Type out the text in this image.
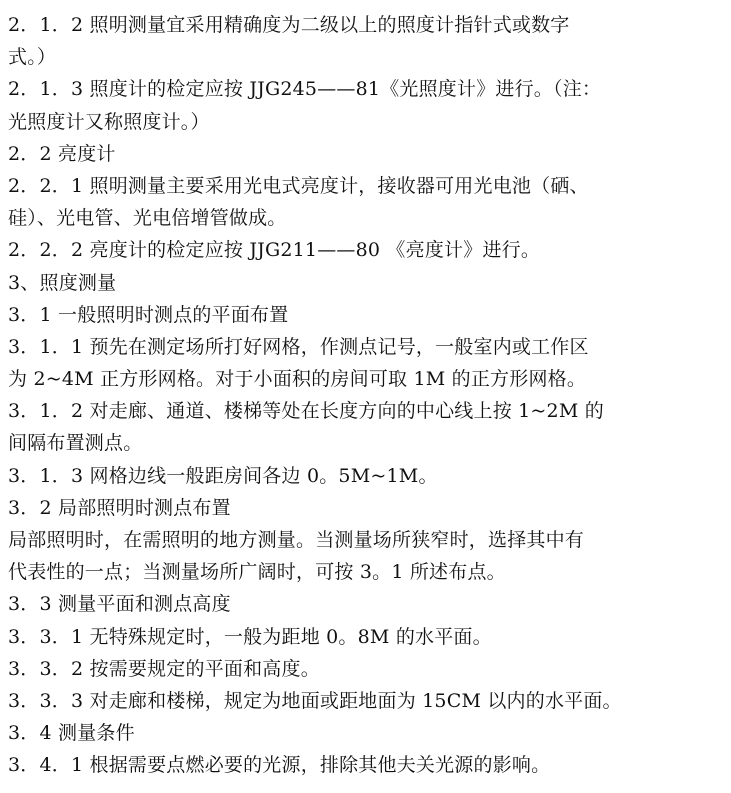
2．1．2 照明测量宜采用精确度为二级以上的照度计指针式或数字
式。）
2．1．3 照度计的检定应按 JJG245——81《光照度计》进行。（注：
光照度计又称照度计。）
2．2 亮度计
2．2．1 照明测量主要采用光电式亮度计，接收器可用光电池（硒、
硅）、光电管、光电倍增管做成。
2．2．2 亮度计的检定应按 JJG211——80 《亮度计》进行。
3、照度测量
3．1 一般照明时测点的平面布置
3．1．1 预先在测定场所打好网格，作测点记号，一般室内或工作区
为 2~4M 正方形网格。对于小面积的房间可取 1M 的正方形网格。
3．1．2 对走廊、通道、楼梯等处在长度方向的中心线上按 1~2M 的
间隔布置测点。
3．1．3 网格边线一般距房间各边 0。5M~1M。
3．2 局部照明时测点布置
局部照明时，在需照明的地方测量。当测量场所狭窄时，选择其中有
代表性的一点；当测量场所广阔时，可按 3。1 所述布点。
3．3 测量平面和测点高度
3．3．1 无特殊规定时，一般为距地 0。8M 的水平面。
3．3．2 按需要规定的平面和高度。
3．3．3 对走廊和楼梯，规定为地面或距地面为 15CM 以内的水平面。
3．4 测量条件
3．4．1 根据需要点燃必要的光源，排除其他夫关光源的影响。
